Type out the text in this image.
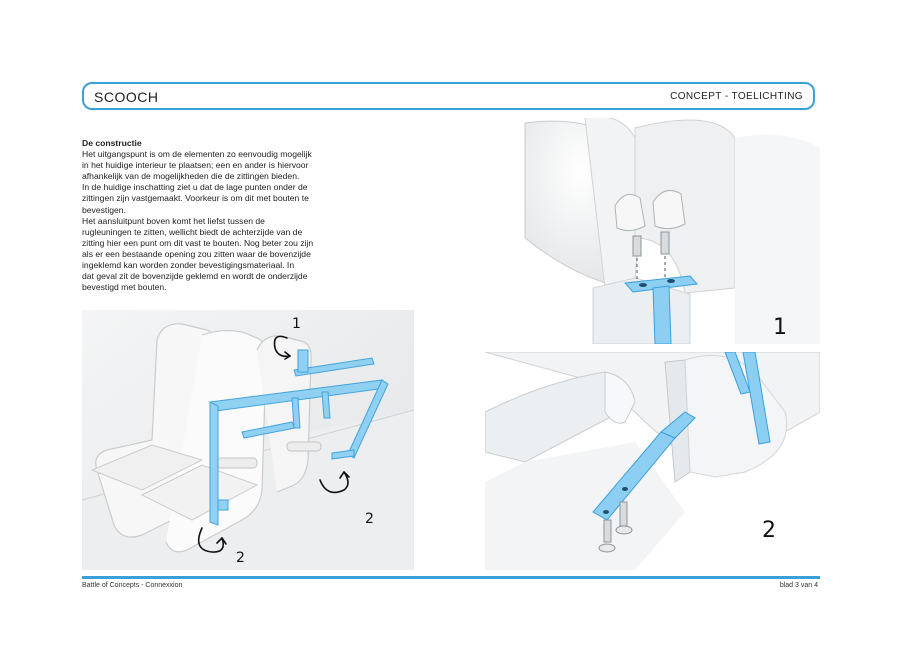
SCOOCH	CONCEPT - TOELICHTING
De constructie
Het uitgangspunt is om de elementen zo eenvoudig mogelijk
in het huidige interieur te plaatsen; een en ander is hiervoor
afhankelijk van de mogelijkheden die de zittingen bieden.
In de huidige inschatting ziet u dat de lage punten onder de
zittingen zijn vastgemaakt. Voorkeur is om dit met bouten te
bevestigen.
Het aansluitpunt boven komt het liefst tussen de
rugleuningen te zitten, wellicht biedt de achterzijde van de
zitting hier een punt om dit vast te bouten. Nog beter zou zijn
als er een bestaande opening zou zitten waar de bovenzijde
ingeklemd kan worden zonder bevestigingsmateriaal. In
dat geval zit de bovenzijde geklemd en wordt de onderzijde
bevestigd met bouten.
1
2
2
1
2
Battle of Concepts - Connexxion	blad 3 van 4
